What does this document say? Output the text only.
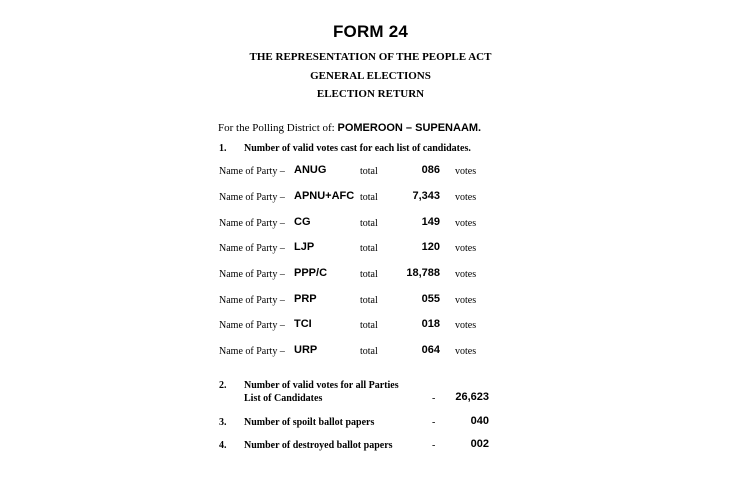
FORM 24
THE REPRESENTATION OF THE PEOPLE ACT
GENERAL ELECTIONS
ELECTION RETURN
For the Polling District of: POMEROON – SUPENAAM.
1. Number of valid votes cast for each list of candidates.
Name of Party – ANUG	total	086 votes
Name of Party – APNU+AFC total	7,343 votes
Name of Party – CG	total	149 votes
Name of Party – LJP	total	120 votes
Name of Party – PPP/C	total	18,788 votes
Name of Party – PRP	total	055 votes
Name of Party – TCI	total	018 votes
Name of Party – URP	total	064 votes
2. Number of valid votes for all Parties
List of Candidates	-	26,623
3. Number of spoilt ballot papers	-	040
4. Number of destroyed ballot papers	-	002
